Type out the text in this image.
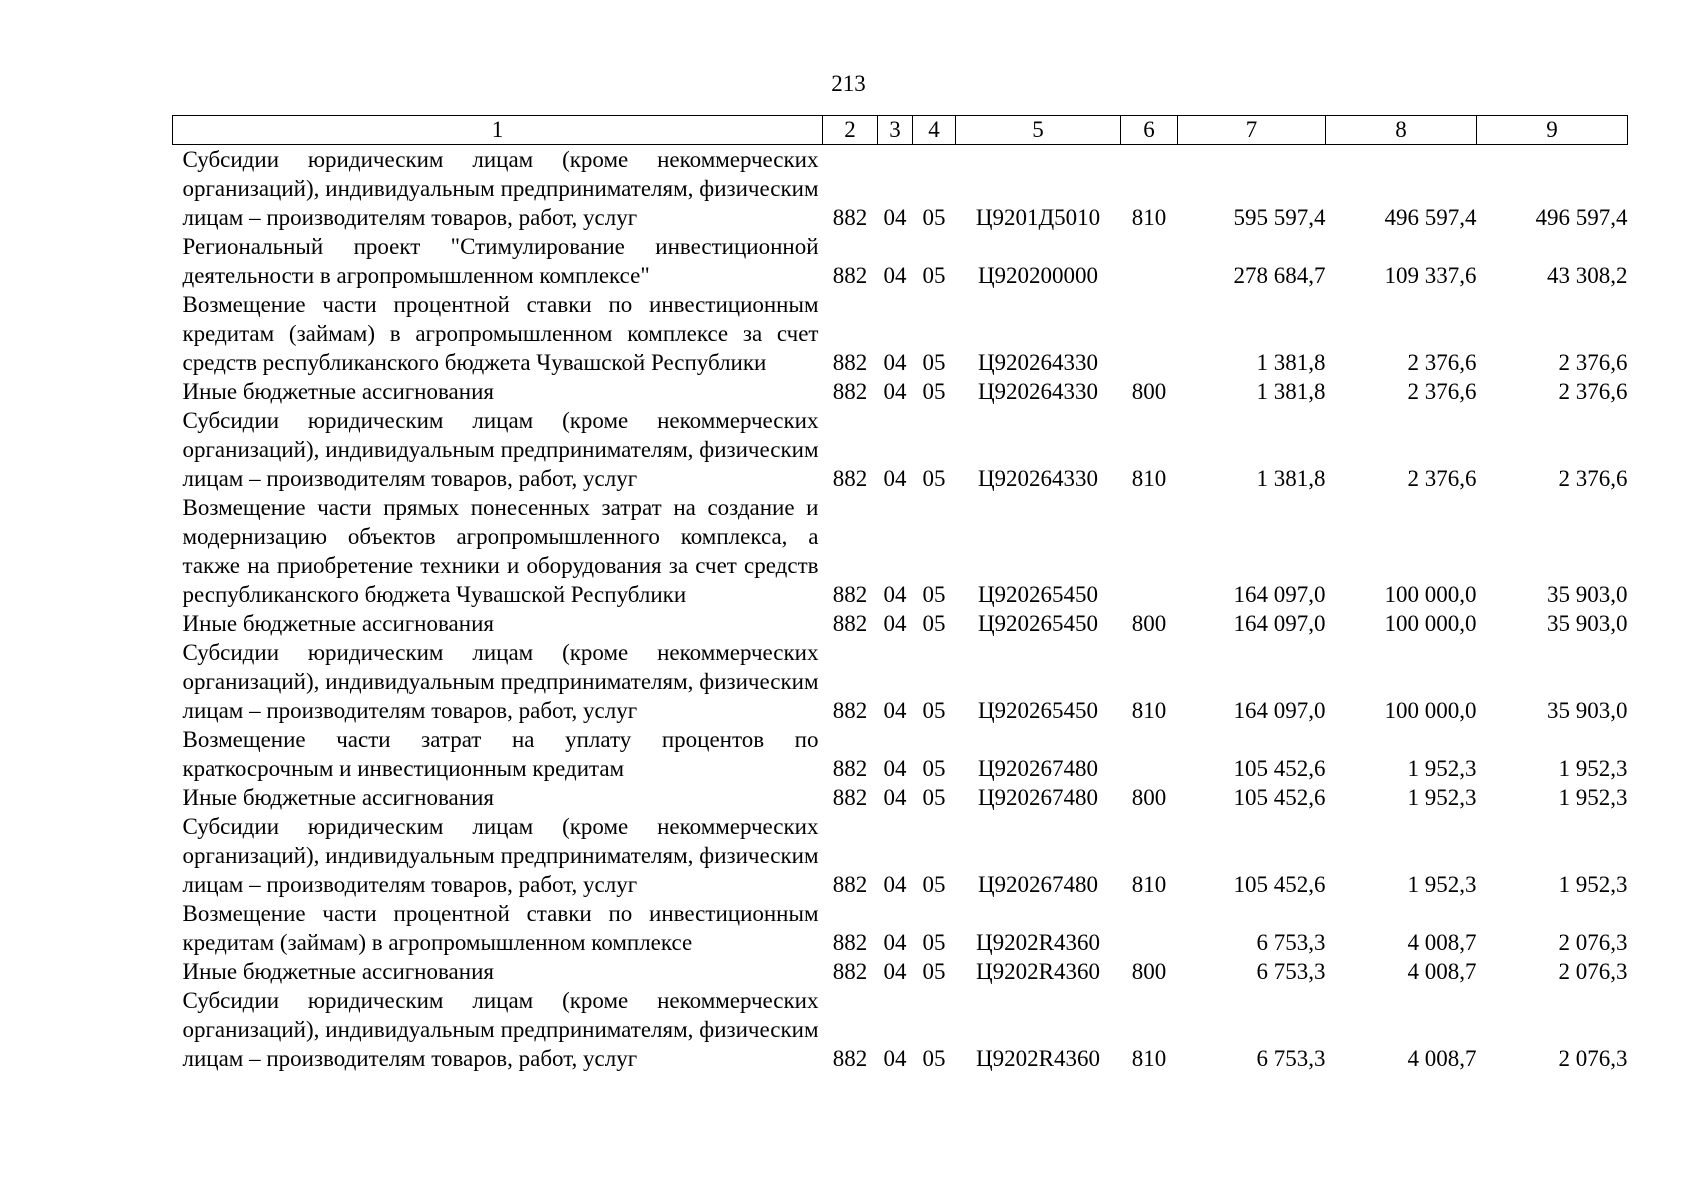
213
1	2	3	4	5	6	7	8	9

Субсидии юридическим лицам (кроме некоммерческих организаций), индивидуальным предпринимателям, физическим лицам – производителям товаров, работ, услуг	882	04	05	Ц9201Д5010	810	595 597,4	496 597,4	496 597,4

Региональный проект "Стимулирование инвестиционной деятельности в агропромышленном комплексе"	882	04	05	Ц920200000		278 684,7	109 337,6	43 308,2

Возмещение части процентной ставки по инвестиционным кредитам (займам) в агропромышленном комплексе за счет средств республиканского бюджета Чувашской Республики	882	04	05	Ц920264330		1 381,8	2 376,6	2 376,6

Иные бюджетные ассигнования	882	04	05	Ц920264330	800	1 381,8	2 376,6	2 376,6

Субсидии юридическим лицам (кроме некоммерческих организаций), индивидуальным предпринимателям, физическим лицам – производителям товаров, работ, услуг	882	04	05	Ц920264330	810	1 381,8	2 376,6	2 376,6

Возмещение части прямых понесенных затрат на создание и модернизацию объектов агропромышленного комплекса, а также на приобретение техники и оборудования за счет средств республиканского бюджета Чувашской Республики	882	04	05	Ц920265450		164 097,0	100 000,0	35 903,0

Иные бюджетные ассигнования	882	04	05	Ц920265450	800	164 097,0	100 000,0	35 903,0

Субсидии юридическим лицам (кроме некоммерческих организаций), индивидуальным предпринимателям, физическим лицам – производителям товаров, работ, услуг	882	04	05	Ц920265450	810	164 097,0	100 000,0	35 903,0

Возмещение части затрат на уплату процентов по краткосрочным и инвестиционным кредитам	882	04	05	Ц920267480		105 452,6	1 952,3	1 952,3

Иные бюджетные ассигнования	882	04	05	Ц920267480	800	105 452,6	1 952,3	1 952,3

Субсидии юридическим лицам (кроме некоммерческих организаций), индивидуальным предпринимателям, физическим лицам – производителям товаров, работ, услуг	882	04	05	Ц920267480	810	105 452,6	1 952,3	1 952,3

Возмещение части процентной ставки по инвестиционным кредитам (займам) в агропромышленном комплексе	882	04	05	Ц9202R4360		6 753,3	4 008,7	2 076,3

Иные бюджетные ассигнования	882	04	05	Ц9202R4360	800	6 753,3	4 008,7	2 076,3

Субсидии юридическим лицам (кроме некоммерческих организаций), индивидуальным предпринимателям, физическим лицам – производителям товаров, работ, услуг	882	04	05	Ц9202R4360	810	6 753,3	4 008,7	2 076,3
